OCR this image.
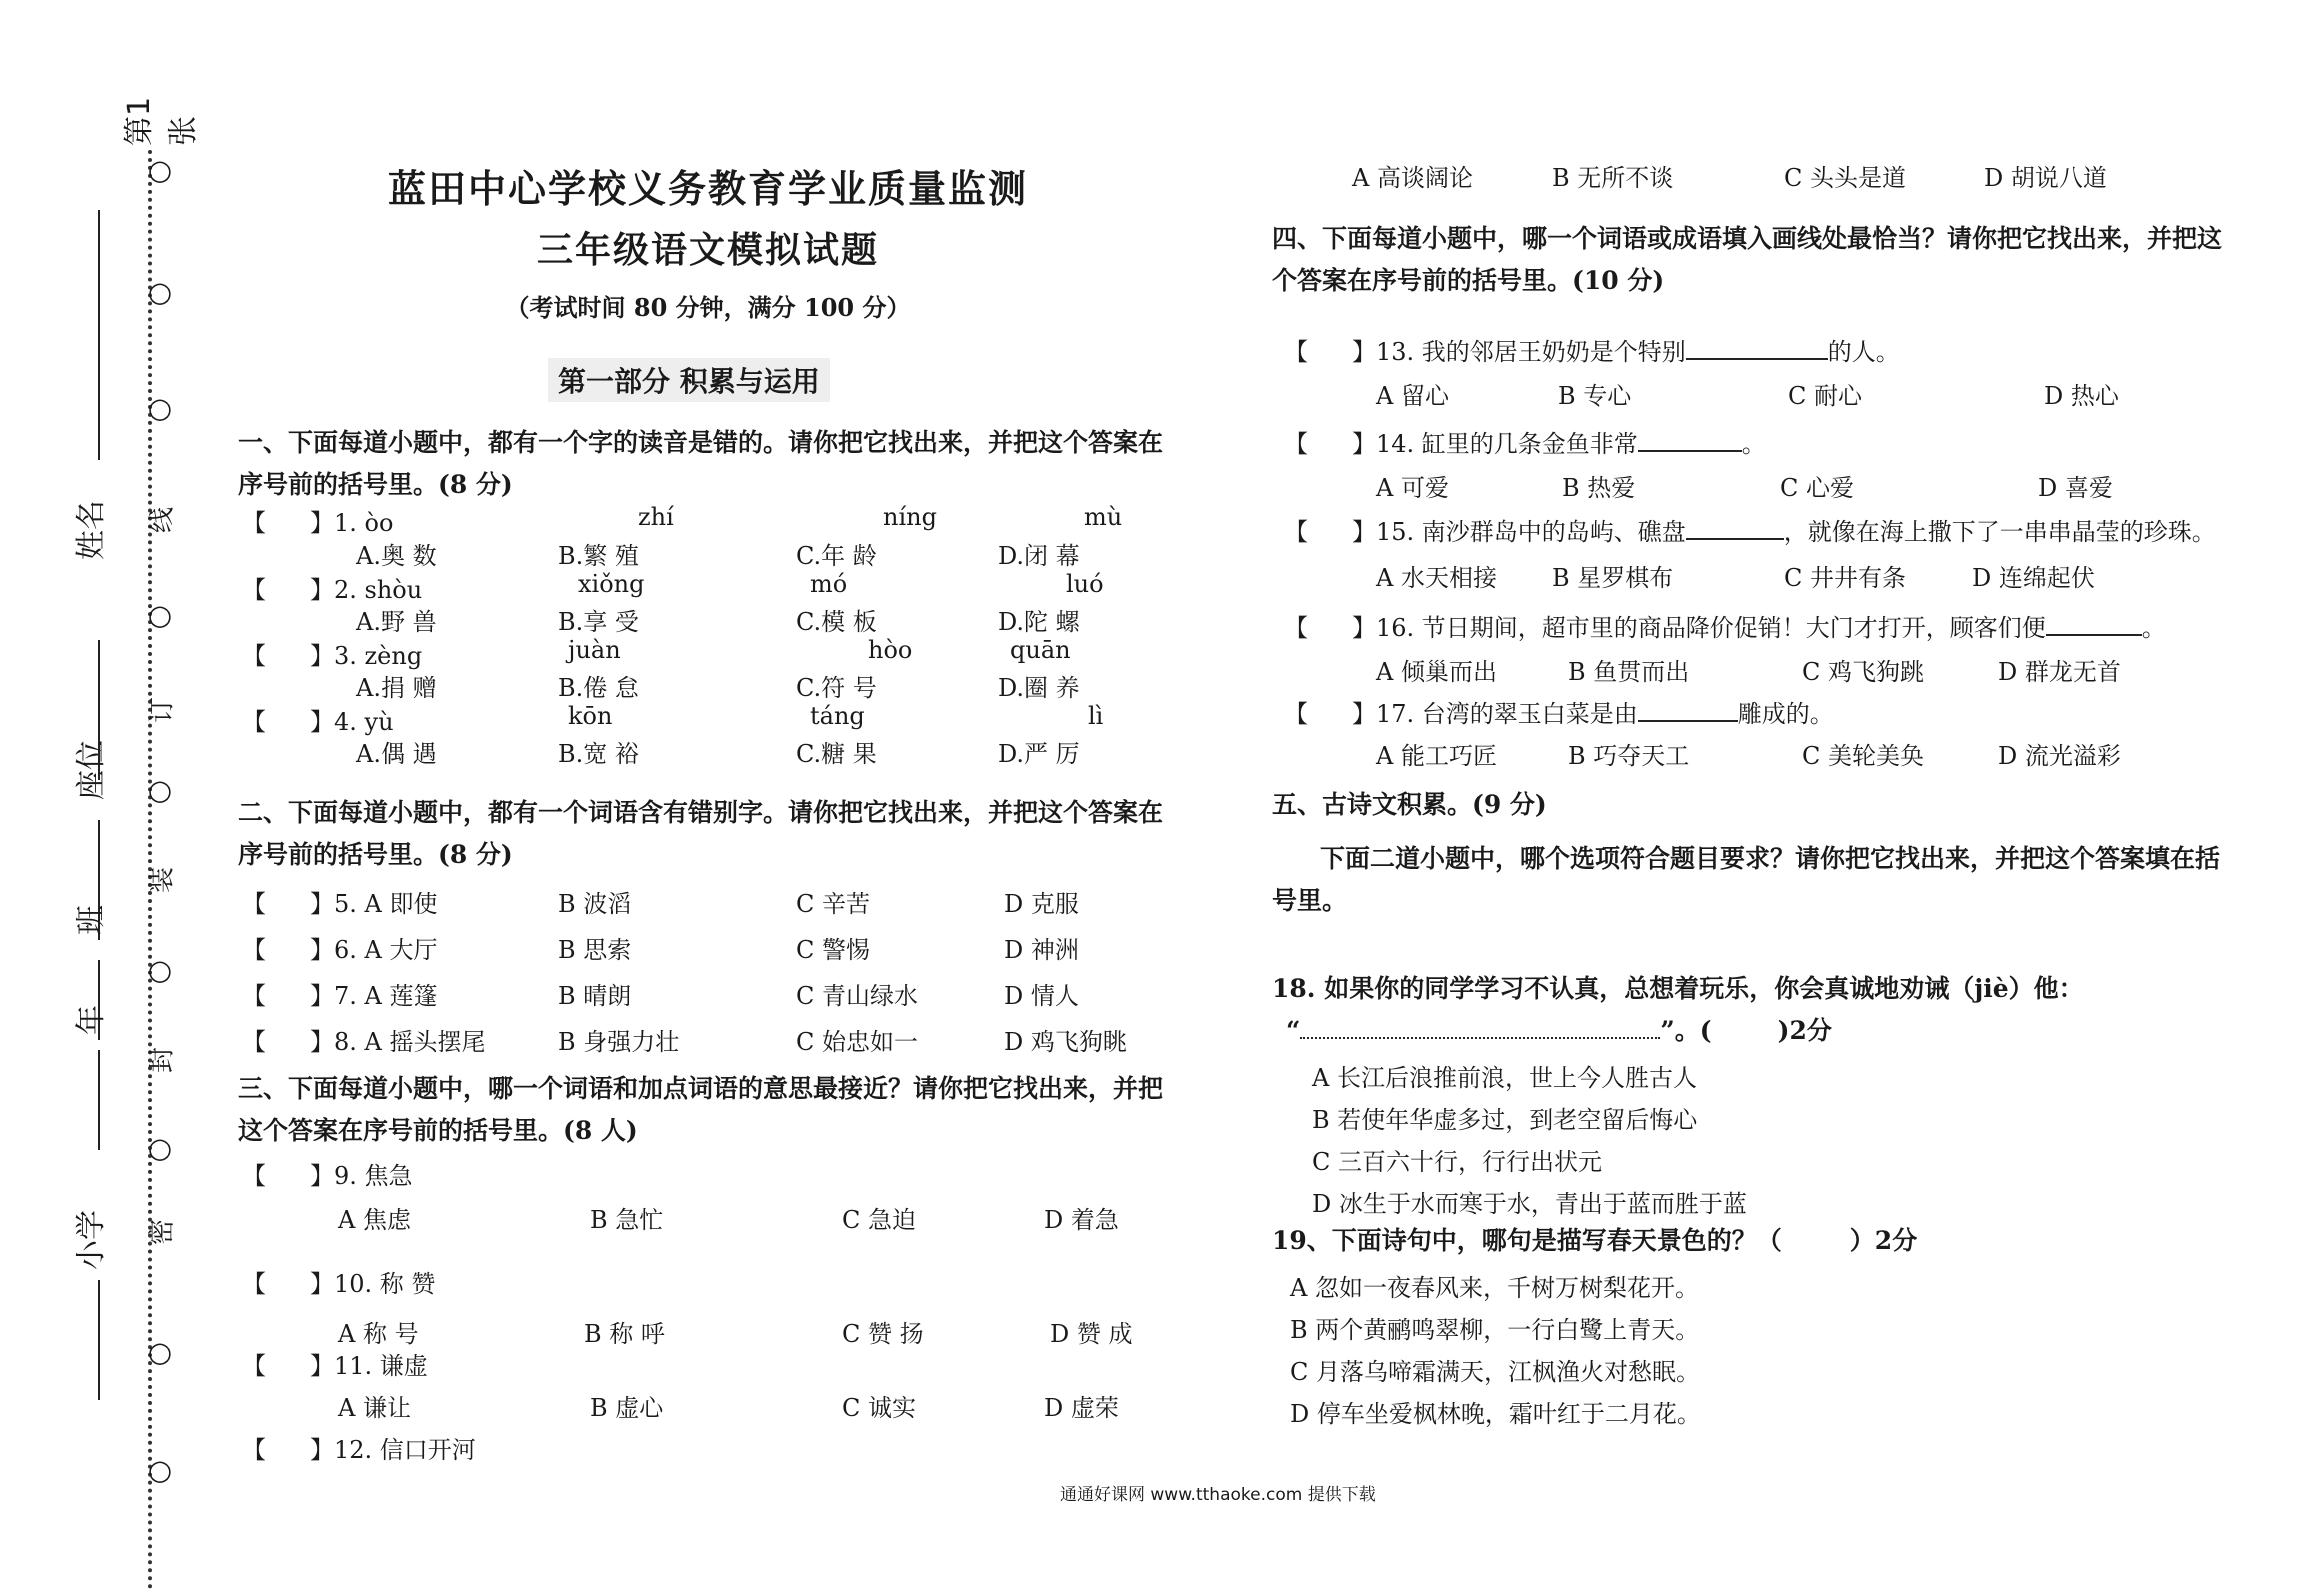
第1张
○
○
○
线
○
订
○
装
○
封
○
密
○
○
姓名
座位
班
年
小学
蓝田中心学校义务教育学业质量监测
三年级语文模拟试题
（考试时间 80 分钟，满分 100 分）
第一部分 积累与运用
一、下面每道小题中，都有一个字的读音是错的。请你把它找出来，并把这个答案在序号前的括号里。(8 分)
【 】1. òo	zhí	níng	mù
A.奥 数	B.繁 殖	C.年 龄	D.闭 幕
【 】2. shòu	xiǒng	mó	luó
A.野 兽	B.享 受	C.模 板	D.陀 螺
【 】3. zèng	juàn	hòo	quān
A.捐 赠	B.倦 怠	C.符 号	D.圈 养
【 】4. yù	kōn	táng	lì
A.偶 遇	B.宽 裕	C.糖 果	D.严 厉
二、下面每道小题中，都有一个词语含有错别字。请你把它找出来，并把这个答案在序号前的括号里。(8 分)
【 】5. A 即使	B 波滔	C 辛苦	D 克服
【 】6. A 大厅	B 思索	C 警惕	D 神洲
【 】7. A 莲篷	B 晴朗	C 青山绿水	D 情人
【 】8. A 摇头摆尾	B 身强力壮	C 始忠如一	D 鸡飞狗眺
三、下面每道小题中，哪一个词语和加点词语的意思最接近？请你把它找出来，并把这个答案在序号前的括号里。(8 人)
【 】9. 焦急
A 焦虑	B 急忙	C 急迫	D 着急
【 】10. 称 赞
A 称 号	B 称 呼	C 赞 扬	D 赞 成
【 】11. 谦虚
A 谦让	B 虚心	C 诚实	D 虚荣
【 】12. 信口开河
A 高谈阔论	B 无所不谈	C 头头是道	D 胡说八道
四、下面每道小题中，哪一个词语或成语填入画线处最恰当？请你把它找出来，并把这个答案在序号前的括号里。(10 分)
【 】13. 我的邻居王奶奶是个特别	的人。
A 留心	B 专心	C 耐心	D 热心
【 】14. 缸里的几条金鱼非常	。
A 可爱	B 热爱	C 心爱	D 喜爱
【 】15. 南沙群岛中的岛屿、礁盘	，就像在海上撒下了一串串晶莹的珍珠。
A 水天相接 B 星罗棋布	C 井井有条	D 连绵起伏
【 】16. 节日期间，超市里的商品降价促销！大门才打开，顾客们便	。
A 倾巢而出	B 鱼贯而出	C 鸡飞狗跳	D 群龙无首
【 】17. 台湾的翠玉白菜是由	雕成的。
A 能工巧匠	B 巧夺天工	C 美轮美奂	D 流光溢彩
五、古诗文积累。(9 分)
下面二道小题中，哪个选项符合题目要求？请你把它找出来，并把这个答案填在括号里。
18. 如果你的同学学习不认真，总想着玩乐，你会真诚地劝诫（jiè）他：
“	”。(	)2分
A 长江后浪推前浪，世上今人胜古人
B 若使年华虚多过，到老空留后悔心
C 三百六十行，行行出状元
D 冰生于水而寒于水，青出于蓝而胜于蓝
19、下面诗句中，哪句是描写春天景色的？（	）2分
A 忽如一夜春风来，千树万树梨花开。
B 两个黄鹂鸣翠柳，一行白鹭上青天。
C 月落乌啼霜满天，江枫渔火对愁眠。
D 停车坐爱枫林晚，霜叶红于二月花。
通通好课网 www.tthaoke.com 提供下载
